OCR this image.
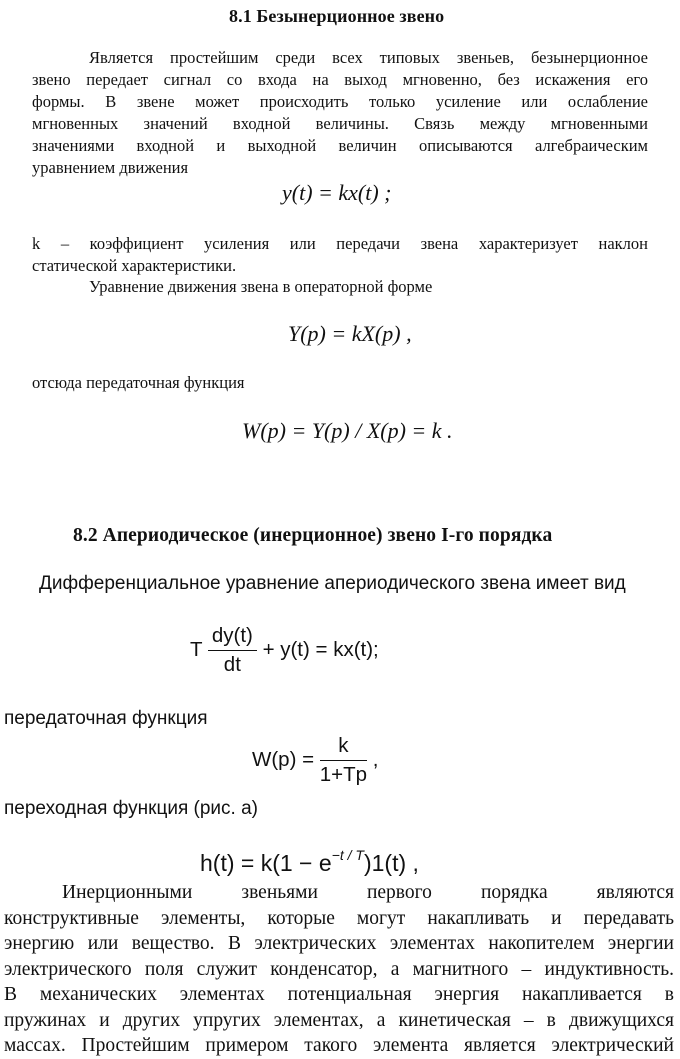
8.1 Безынерционное звено
Является простейшим среди всех типовых звеньев, безынерционное
звено передает сигнал со входа на выход мгновенно, без искажения его
формы. В звене может происходить только усиление или ослабление
мгновенных значений входной величины. Связь между мгновенными
значениями входной и выходной величин описываются алгебраическим
уравнением движения
y(t) = kx(t) ;
k – коэффициент усиления или передачи звена характеризует наклон
статической характеристики.
Уравнение движения звена в операторной форме
Y(p) = kX(p) ,
отсюда передаточная функция
W(p) = Y(p) / X(p) = k .
8.2 Апериодическое (инерционное) звено I-го порядка
Дифференциальное уравнение апериодического звена имеет вид
T $\frac{dy(t)}{dt} + y(t) = kx(t)$;
передаточная функция
$W(p) = \frac{k}{1+Tp}$ ,
переходная функция (рис. а)
$h(t) = k(1 - e^{-t / T})1(t)$ ,
Инерционными звеньями первого порядка являются
конструктивные элементы, которые могут накапливать и передавать
энергию или вещество. В электрических элементах накопителем энергии
электрического поля служит конденсатор, а магнитного – индуктивность.
В механических элементах потенциальная энергия накапливается в
пружинах и других упругих элементах, а кинетическая – в движущихся
массах. Простейшим примером такого элемента является электрический
